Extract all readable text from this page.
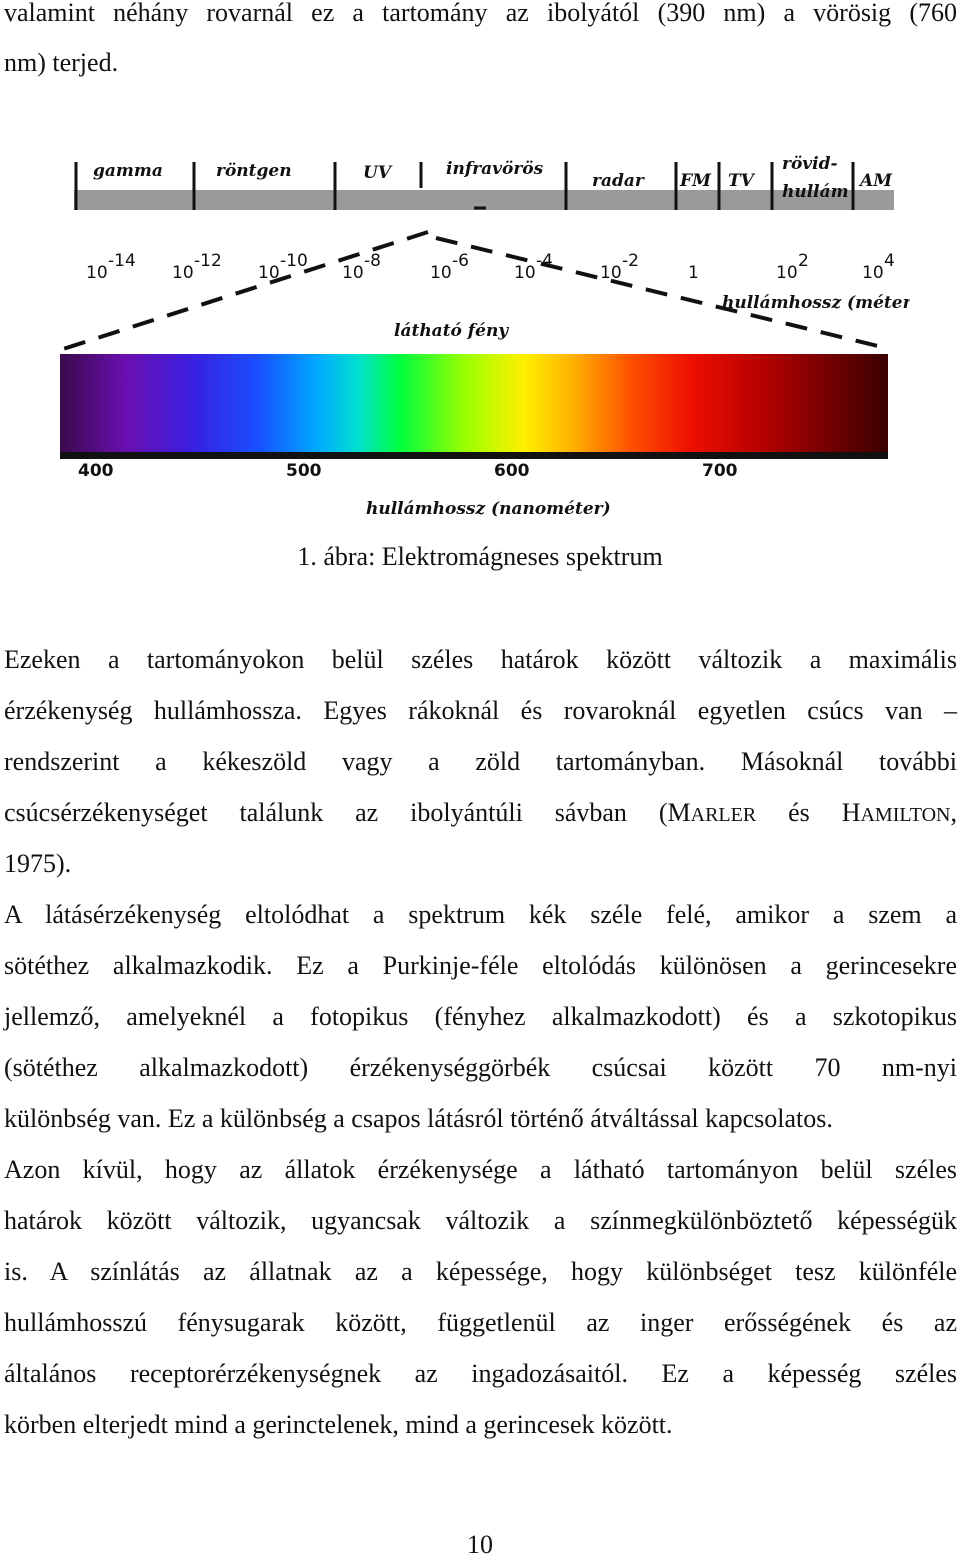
valamint néhány rovarnál ez a tartomány az ibolyától (390 nm) a vörösig (760
nm) terjed.
gamma	röntgen	UV	infravörös
radar FM TV
rövid-
hullám
AM
10
-14
10
-12
10
-10
10
-8
10
-6
10
-4
10
-2
1	10
2
10
4
hullámhossz (méter)
látható fény
400	500	600	700
hullámhossz (nanométer)
1. ábra: Elektromágneses spektrum
Ezeken a tartományokon belül széles határok között változik a maximális
érzékenység hullámhossza. Egyes rákoknál és rovaroknál egyetlen csúcs van –
rendszerint a kékeszöld vagy a zöld tartományban. Másoknál további
csúcsérzékenységet találunk az ibolyántúli sávban (MARLER és HAMILTON,
1975).
A látásérzékenység eltolódhat a spektrum kék széle felé, amikor a szem a
sötéthez alkalmazkodik. Ez a Purkinje-féle eltolódás különösen a gerincesekre
jellemző, amelyeknél a fotopikus (fényhez alkalmazkodott) és a szkotopikus
(sötéthez alkalmazkodott) érzékenységgörbék csúcsai között 70 nm-nyi
különbség van. Ez a különbség a csapos látásról történő átváltással kapcsolatos.
Azon kívül, hogy az állatok érzékenysége a látható tartományon belül széles
határok között változik, ugyancsak változik a színmegkülönböztető képességük
is. A színlátás az állatnak az a képessége, hogy különbséget tesz különféle
hullámhosszú fénysugarak között, függetlenül az inger erősségének és az
általános receptorérzékenységnek az ingadozásaitól. Ez a képesség széles
körben elterjedt mind a gerinctelenek, mind a gerincesek között.
10
